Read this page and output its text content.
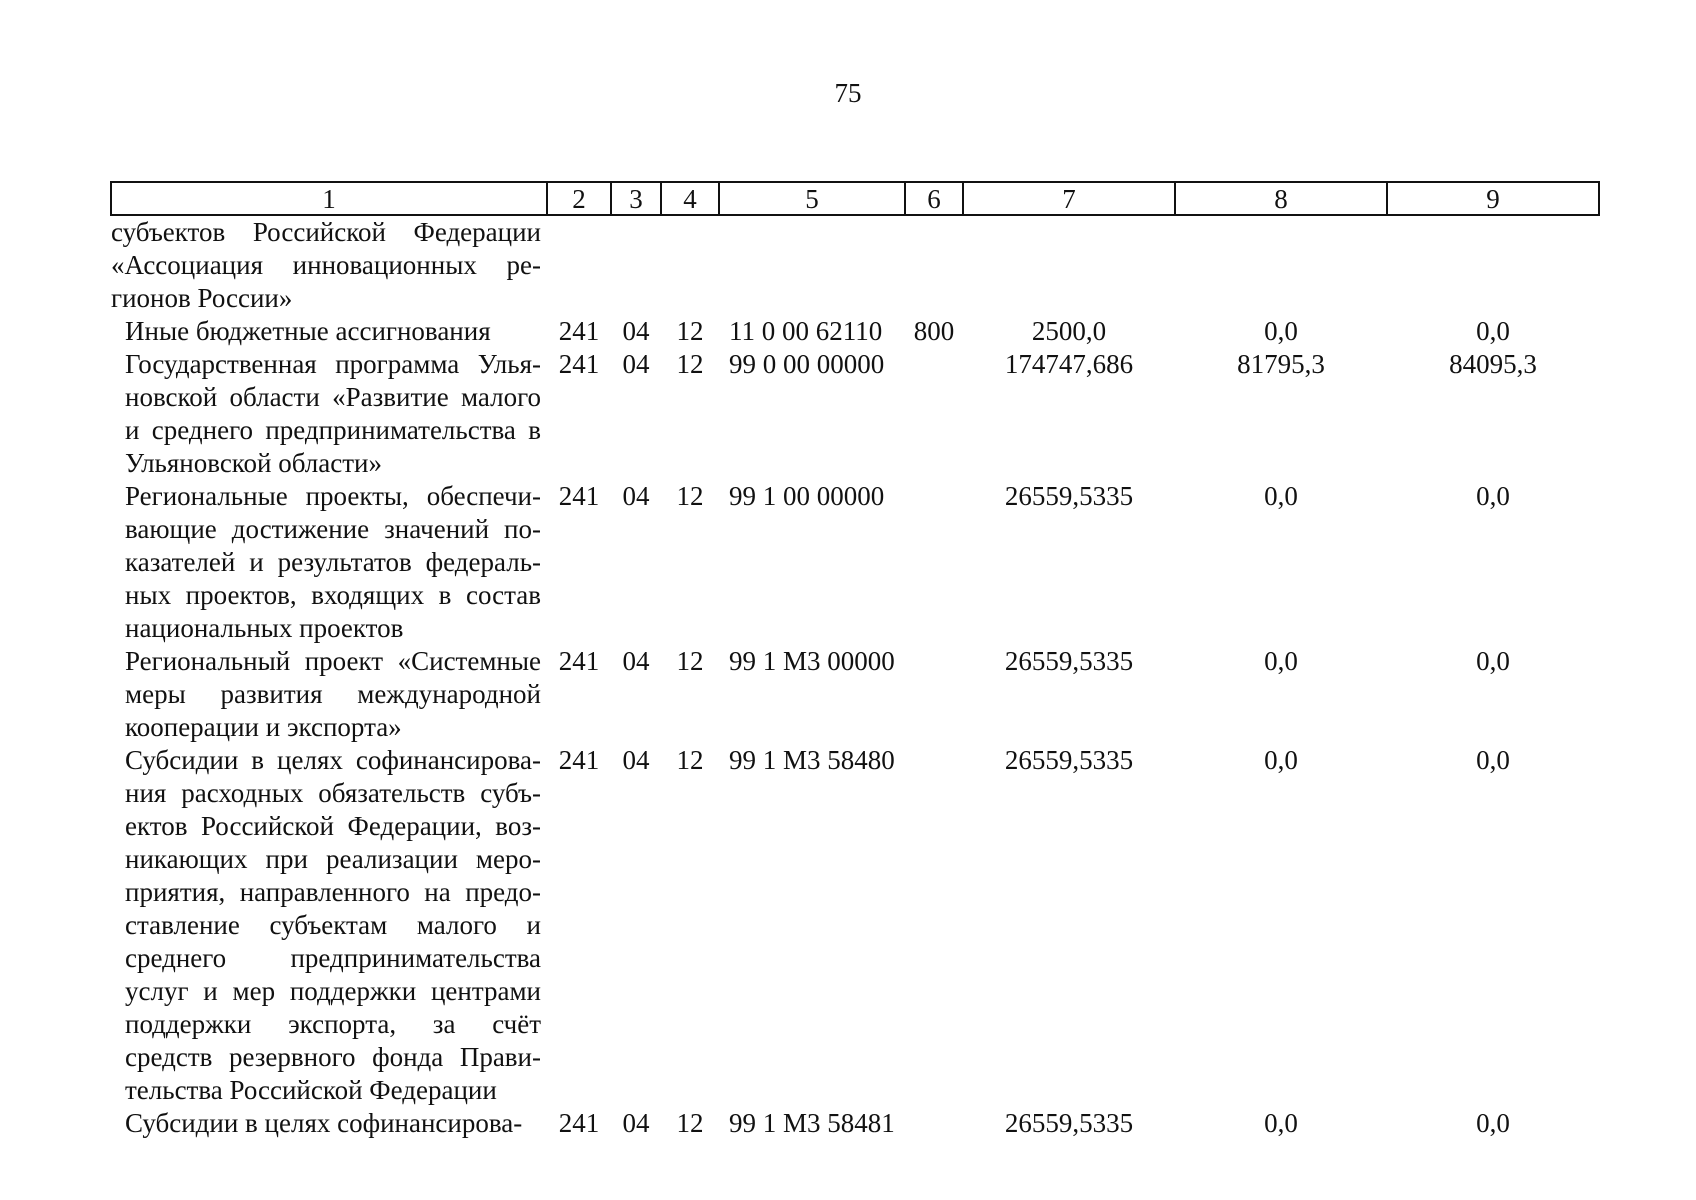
75
1	2	3	4	5	6	7	8	9
субъектов Российской Федерации «Ассоциация инновационных ре-гионов России»								
Иные бюджетные ассигнования	241	04	12	11 0 00 62110	800	2500,0	0,0	0,0
Государственная программа Улья-новской области «Развитие малого и среднего предпринимательства в Ульяновской области»	241	04	12	99 0 00 00000		174747,686	81795,3	84095,3
Региональные проекты, обеспечи-вающие достижение значений по-казателей и результатов федераль-ных проектов, входящих в состав национальных проектов	241	04	12	99 1 00 00000		26559,5335	0,0	0,0
Региональный проект «Системные меры развития международной кооперации и экспорта»	241	04	12	99 1 М3 00000		26559,5335	0,0	0,0
Субсидии в целях софинансирова-ния расходных обязательств субъ-ектов Российской Федерации, воз-никающих при реализации меро-приятия, направленного на предо-ставление субъектам малого и среднего предпринимательства услуг и мер поддержки центрами поддержки экспорта, за счёт средств резервного фонда Прави-тельства Российской Федерации	241	04	12	99 1 М3 58480		26559,5335	0,0	0,0
Субсидии в целях софинансирова-	241	04	12	99 1 М3 58481		26559,5335	0,0	0,0
